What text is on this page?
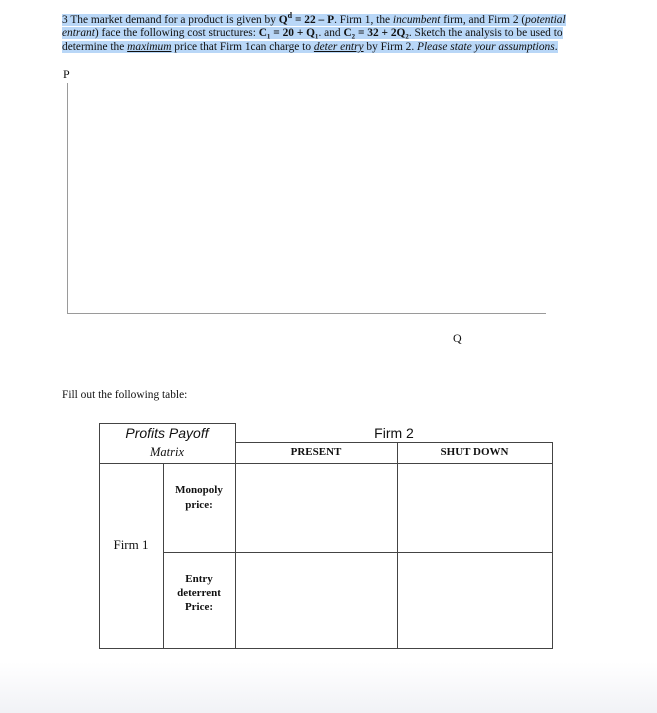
3 The market demand for a product is given by $Q^d = 22 - P$. Firm 1, the incumbent firm, and Firm 2 (potential entrant) face the following cost structures: C₁ = 20 + Q₁. and C₂ = 32 + 2Q₂. Sketch the analysis to be used to determine the maximum price that Firm 1can charge to deter entry by Firm 2. Please state your assumptions.
P
Q
Fill out the following table:
Profits Payoff
Matrix
Firm 2
PRESENT	SHUT DOWN
Firm 1
Monopoly
price:
Entry
deterrent
Price:
